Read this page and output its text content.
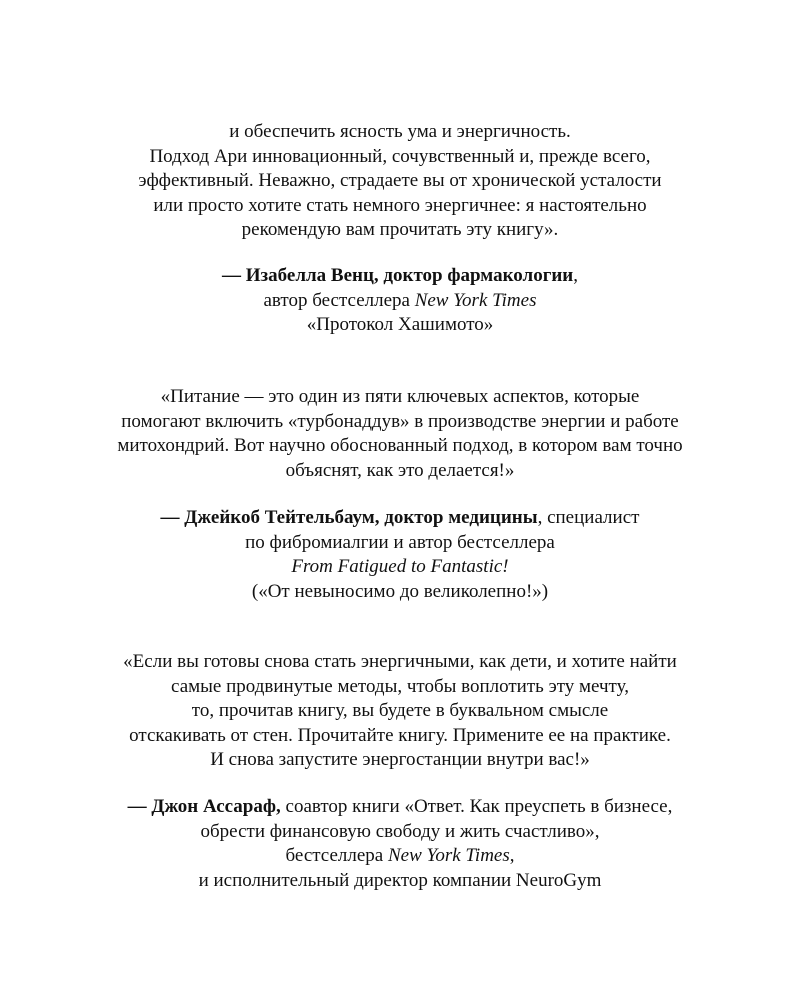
и обеспечить ясность ума и энергичность.
Подход Ари инновационный, сочувственный и, прежде всего,
эффективный. Неважно, страдаете вы от хронической усталости
или просто хотите стать немного энергичнее: я настоятельно
рекомендую вам прочитать эту книгу».
— Изабелла Венц, доктор фармакологии,
автор бестселлера New York Times
«Протокол Хашимото»
«Питание — это один из пяти ключевых аспектов, которые
помогают включить «турбонаддув» в производстве энергии и работе
митохондрий. Вот научно обоснованный подход, в котором вам точно
объяснят, как это делается!»
— Джейкоб Тейтельбаум, доктор медицины, специалист
по фибромиалгии и автор бестселлера
From Fatigued to Fantastic!
(«От невыносимо до великолепно!»)
«Если вы готовы снова стать энергичными, как дети, и хотите найти
самые продвинутые методы, чтобы воплотить эту мечту,
то, прочитав книгу, вы будете в буквальном смысле
отскакивать от стен. Прочитайте книгу. Примените ее на практике.
И снова запустите энергостанции внутри вас!»
— Джон Ассараф, соавтор книги «Ответ. Как преуспеть в бизнесе,
обрести финансовую свободу и жить счастливо»,
бестселлера New York Times,
и исполнительный директор компании NeuroGym
